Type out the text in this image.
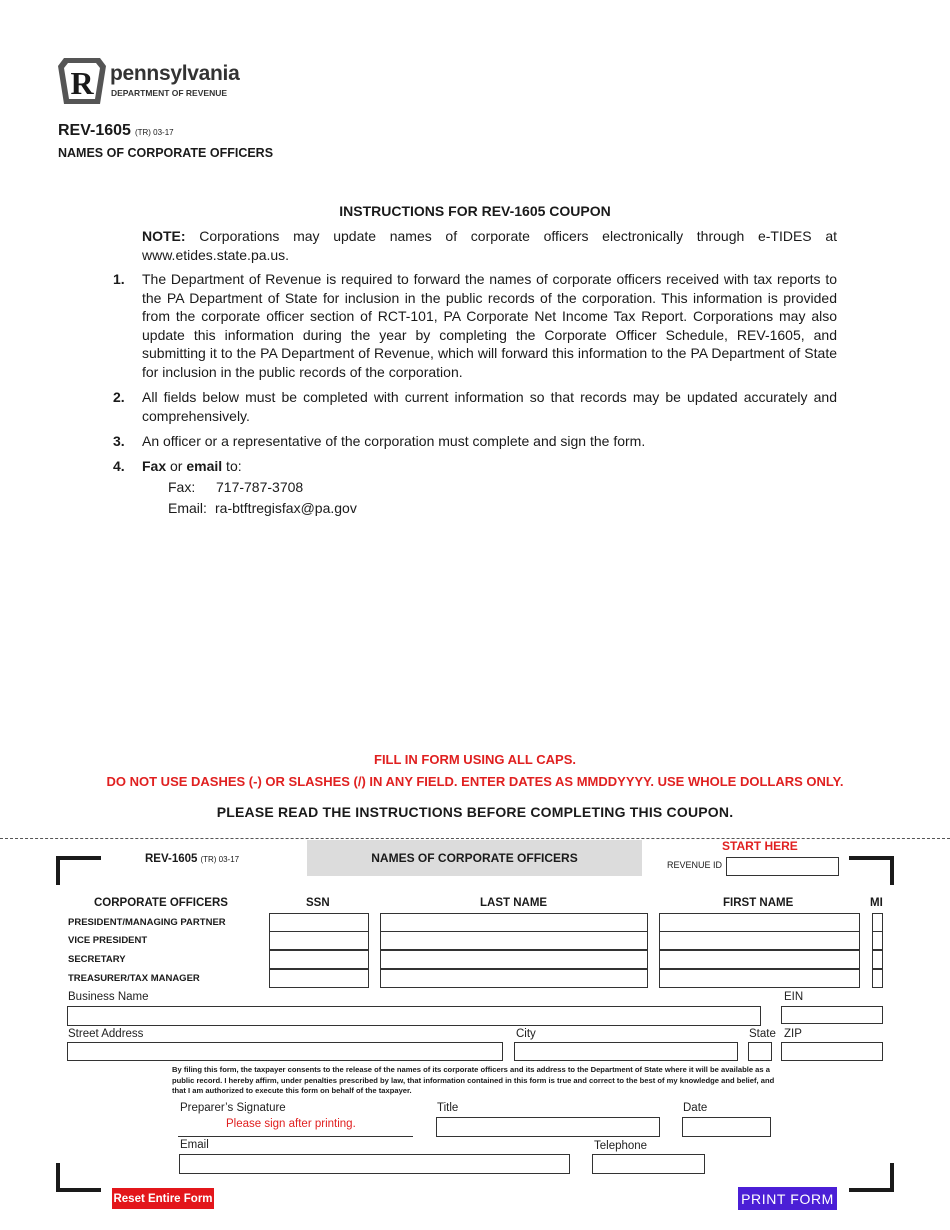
R pennsylvania
DEPARTMENT OF REVENUE
REV-1605 (TR) 03-17
NAMES OF CORPORATE OFFICERS
INSTRUCTIONS FOR REV-1605 COUPON
NOTE: Corporations may update names of corporate officers electronically through e-TIDES at www.etides.state.pa.us.
1. The Department of Revenue is required to forward the names of corporate officers received with tax reports to the PA Department of State for inclusion in the public records of the corporation. This information is provided from the corporate officer section of RCT-101, PA Corporate Net Income Tax Report. Corporations may also update this information during the year by completing the Corporate Officer Schedule, REV-1605, and submitting it to the PA Department of Revenue, which will forward this information to the PA Department of State for inclusion in the public records of the corporation.
2. All fields below must be completed with current information so that records may be updated accurately and comprehensively.
3. An officer or a representative of the corporation must complete and sign the form.
4. Fax or email to:
Fax: 717-787-3708
Email: ra-btftregisfax@pa.gov
FILL IN FORM USING ALL CAPS.
DO NOT USE DASHES (-) OR SLASHES (/) IN ANY FIELD. ENTER DATES AS MMDDYYYY. USE WHOLE DOLLARS ONLY.
PLEASE READ THE INSTRUCTIONS BEFORE COMPLETING THIS COUPON.
REV-1605 (TR) 03-17	NAMES OF CORPORATE OFFICERS
START HERE
REVENUE ID
CORPORATE OFFICERS	SSN	LAST NAME	FIRST NAME	MI
PRESIDENT/MANAGING PARTNER
VICE PRESIDENT
SECRETARY
TREASURER/TAX MANAGER
Business Name	EIN
Street Address	City	State ZIP
By filing this form, the taxpayer consents to the release of the names of its corporate officers and its address to the Department of State where it will be available as a public record. I hereby affirm, under penalties prescribed by law, that information contained in this form is true and correct to the best of my knowledge and belief, and that I am authorized to execute this form on behalf of the taxpayer.
Preparer’s Signature
Please sign after printing.
Title	Date
Email	Telephone
Reset Entire Form	PRINT FORM
